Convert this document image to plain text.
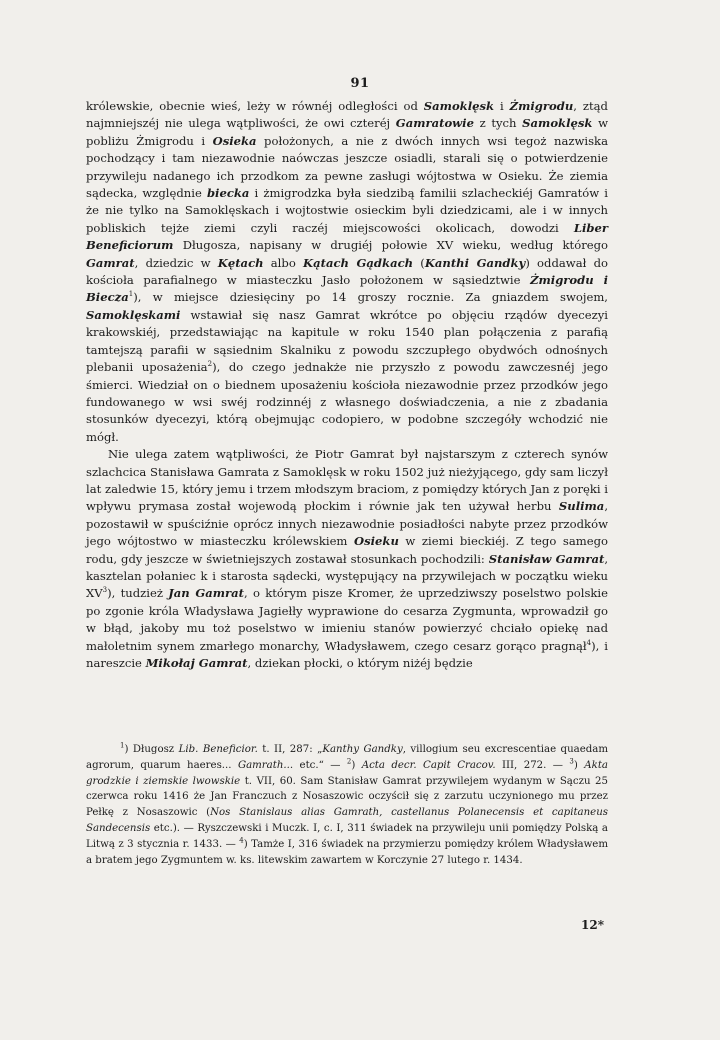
91

królewskie, obecnie wieś, leży w równéj odległości od Samoklęsk i Żmigrodu, ztąd najmniejszéj nie ulega wątpliwości, że owi czteréj Gamratowie z tych Samoklęsk w pobliżu Żmigrodu i Osieka położonych, a nie z dwóch innych wsi tegoż nazwiska pochodzący i tam niezawodnie naówczas jeszcze osiadli, starali się o potwierdzenie przywileju nadanego ich przodkom za pewne zasługi wójtostwa w Osieku. Że ziemia sądecka, względnie biecka i żmigrodzka była siedzibą familii szlacheckiéj Gamratów i że nie tylko na Samoklęskach i wojtostwie osieckim byli dziedzicami, ale i w innych pobliskich tejże ziemi czyli raczéj miejscowości okolicach, dowodzi Liber Beneficiorum Długosza, napisany w drugiéj połowie XV wieku, według którego Gamrat, dziedzic w Kętach albo Kątach Gądkach (Kanthi Gandky) oddawał do kościoła parafialnego w miasteczku Jasło położonem w sąsiedztwie Żmigrodu i Biecza$^1$), w miejsce dziesięciny po 14 groszy rocznie. Za gniazdem swojem, Samoklęskami wstawiał się nasz Gamrat wkrótce po objęciu rządów dyecezyi krakowskiéj, przedstawiając na kapitule w roku 1540 plan połączenia z parafią tamtejszą parafii w sąsiednim Skalniku z powodu szczupłego obydwóch odnośnych plebanii uposażenia$^2$), do czego jednakże nie przyszło z powodu zawczesnéj jego śmierci. Wiedział on o biednem uposażeniu kościoła niezawodnie przez przodków jego fundowanego w wsi swéj rodzinnéj z własnego doświadczenia, a nie z zbadania stosunków dyecezyi, którą obejmując codopiero, w podobne szczegóły wchodzić nie mógł.

Nie ulega zatem wątpliwości, że Piotr Gamrat był najstarszym z czterech synów szlachcica Stanisława Gamrata z Samoklęsk w roku 1502 już nieżyjącego, gdy sam liczył lat zaledwie 15, który jemu i trzem młodszym braciom, z pomiędzy których Jan z poręki i wpływu prymasa został wojewodą płockim i równie jak ten używał herbu Sulima, pozostawił w spuściźnie oprócz innych niezawodnie posiadłości nabyte przez przodków jego wójtostwo w miasteczku królewskiem Osieku w ziemi bieckiéj. Z tego samego rodu, gdy jeszcze w świetniejszych zostawał stosunkach pochodzili: Stanisław Gamrat, kasztelan połaniec k i starosta sądecki, występujący na przywilejach w początku wieku $XV^3$), tudzież Jan Gamrat, o którym pisze Kromer, że uprzedziwszy poselstwo polskie po zgonie króla Władysława Jagiełły wyprawione do cesarza Zygmunta, wprowadził go w błąd, jakoby mu toż poselstwo w imieniu stanów powierzyć chciało opiekę nad małoletnim synem zmarłego monarchy, Władysławem, czego cesarz gorąco pragnął$^4$), i nareszcie Mikołaj Gamrat, dziekan płocki, o którym niżéj będzie

$^1$) Długosz Lib. Beneficior. t. II, 287: „Kanthy Gandky, villogium seu excrescentiae quaedam agrorum, quarum haeres... Gamrath... etc.“ — $^2$) Acta decr. Capit Cracov. III, 272. — $^3$) Akta grodzkie i ziemskie lwowskie t. VII, 60. Sam Stanisław Gamrat przywilejem wydanym w Sączu 25 czerwca roku 1416 że Jan Franczuch z Nosaszowic oczyścił się z zarzutu uczynionego mu przez Pełkę z Nosaszowic (Nos Stanislaus alias Gamrath, castellanus Polanecensis et capitaneus Sandecensis etc.). — Ryszczewski i Muczk. I, c. I, 311 świadek na przywileju unii pomiędzy Polską a Litwą z 3 stycznia r. 1433. — $^4$) Tamże I, 316 świadek na przymierzu pomiędzy królem Władysławem a bratem jego Zygmuntem w. ks. litewskim zawartem w Korczynie 27 lutego r. 1434.

12*
